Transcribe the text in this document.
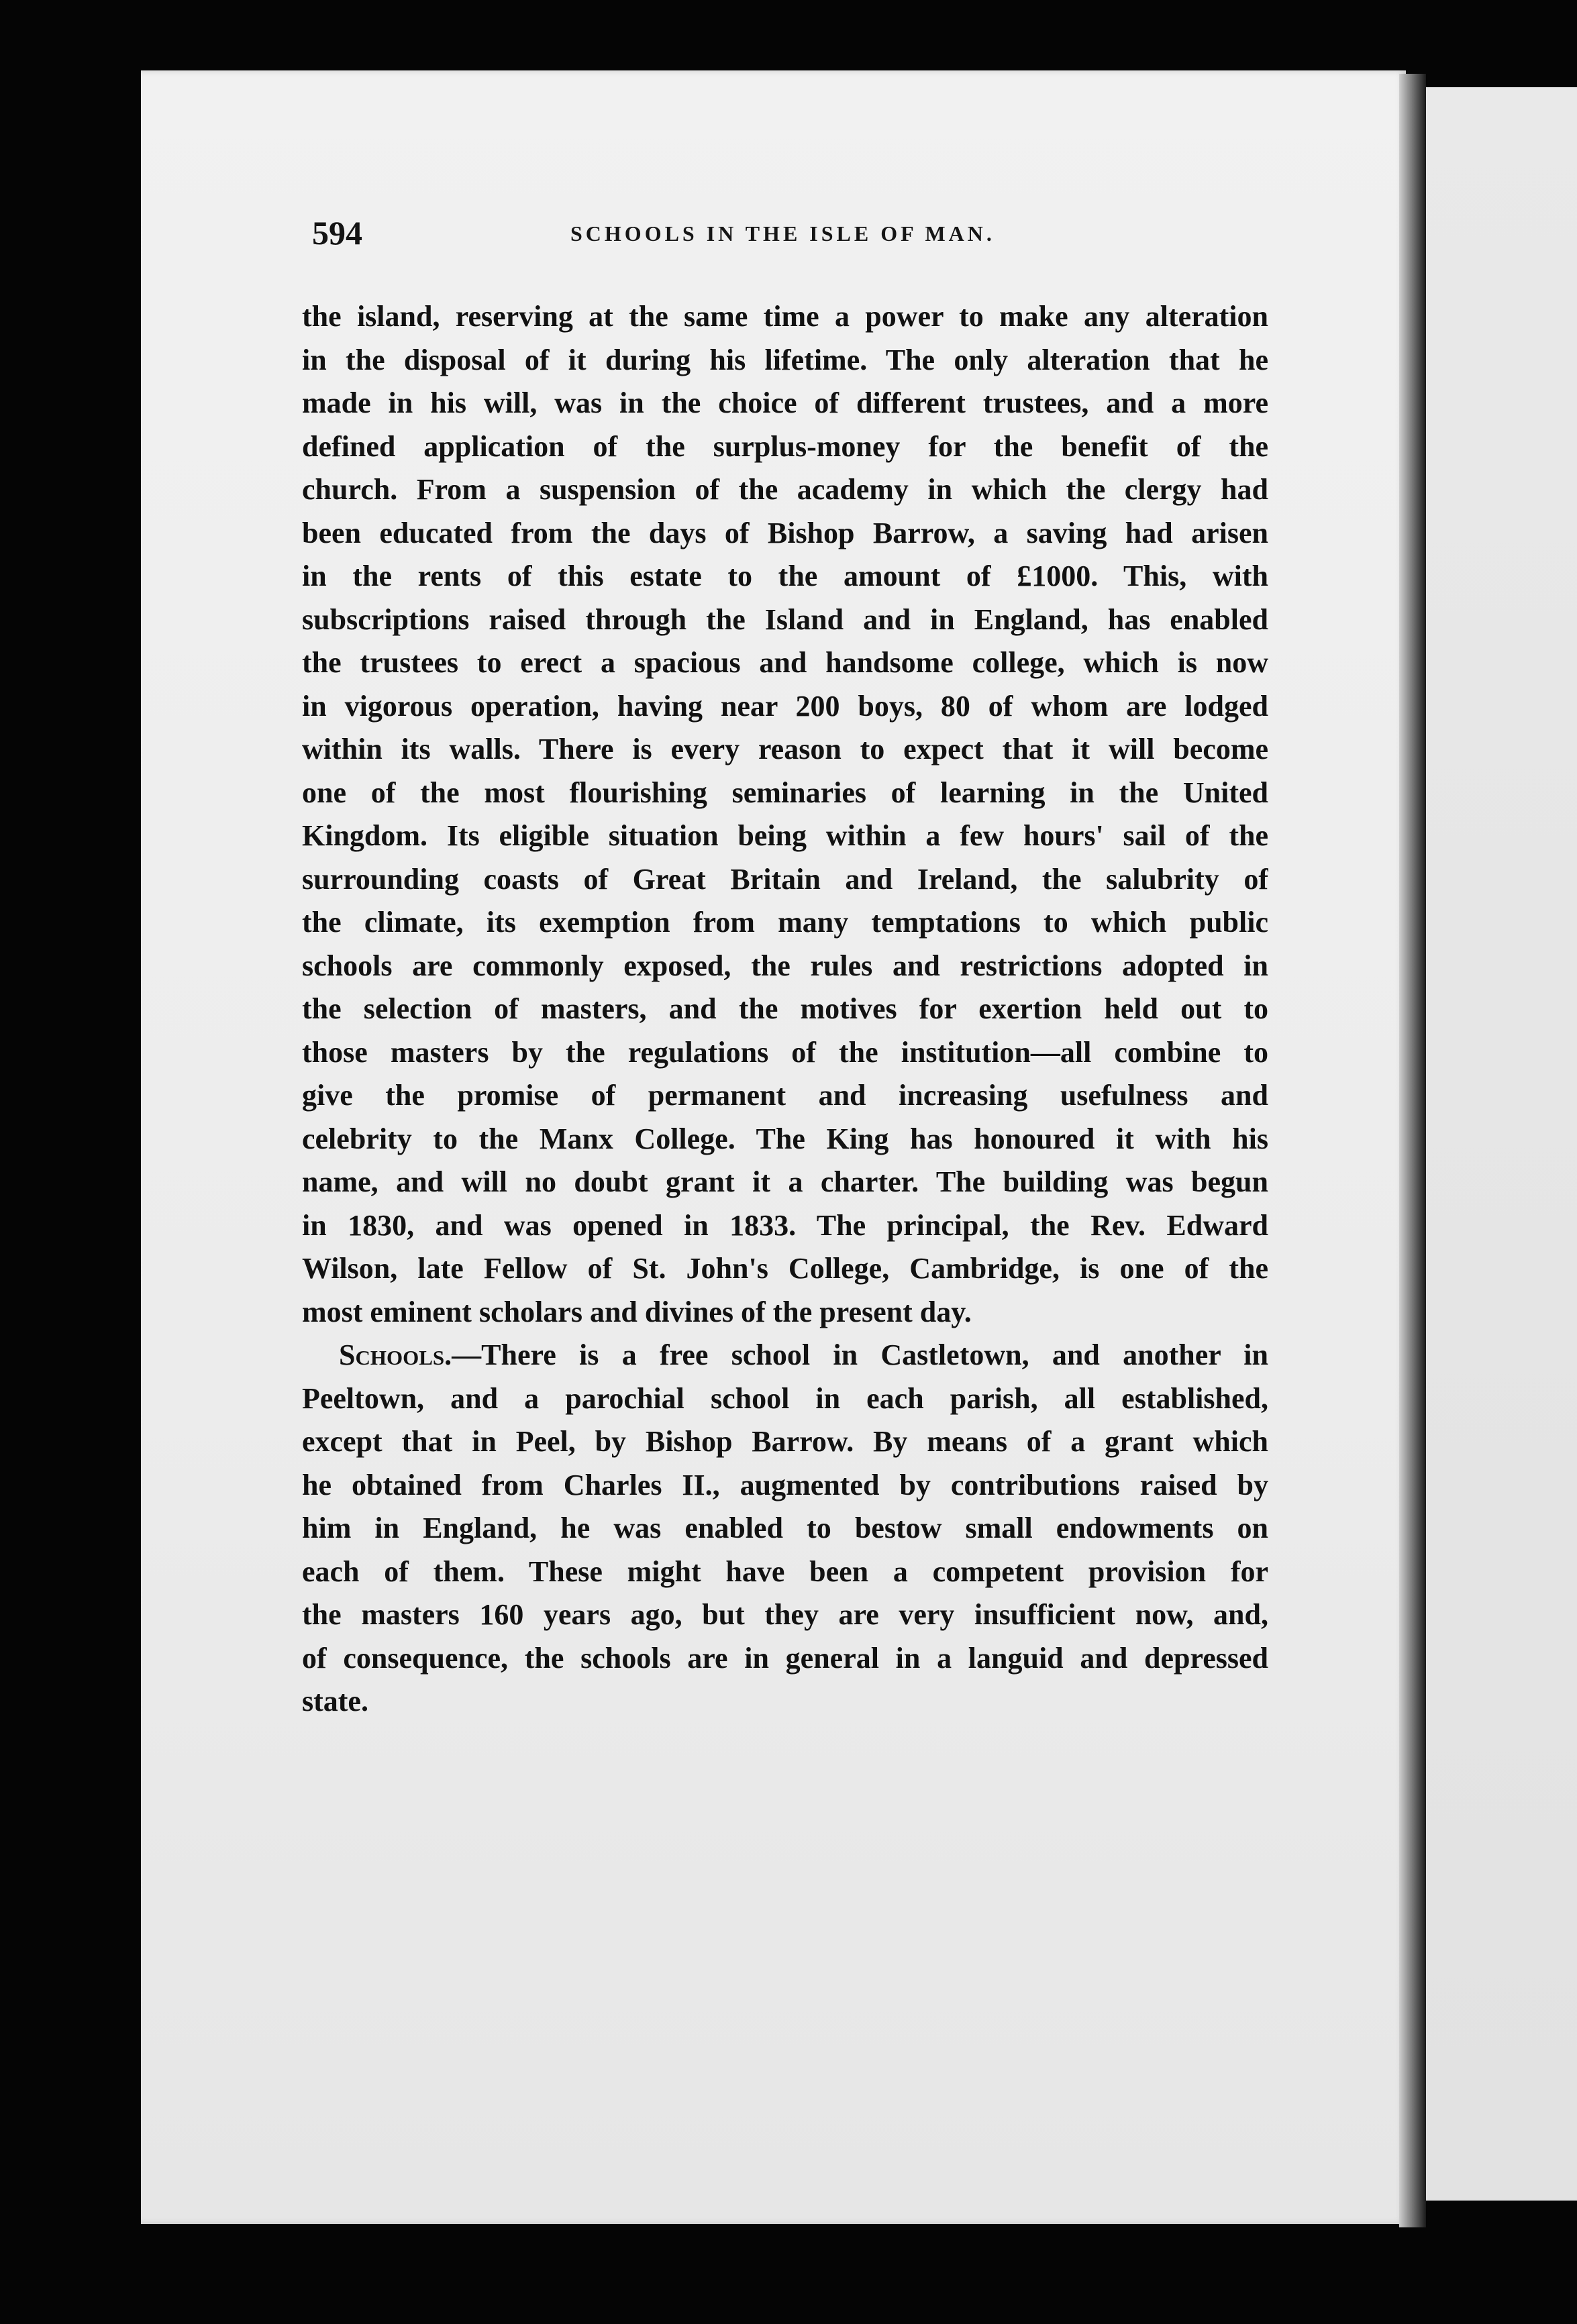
594	SCHOOLS IN THE ISLE OF MAN.
the island, reserving at the same time a power to make any alteration
in the disposal of it during his lifetime. The only alteration that he
made in his will, was in the choice of different trustees, and a more
defined application of the surplus-money for the benefit of the
church. From a suspension of the academy in which the clergy had
been educated from the days of Bishop Barrow, a saving had arisen
in the rents of this estate to the amount of £1000. This, with
subscriptions raised through the Island and in England, has enabled
the trustees to erect a spacious and handsome college, which is now
in vigorous operation, having near 200 boys, 80 of whom are lodged
within its walls. There is every reason to expect that it will become
one of the most flourishing seminaries of learning in the United
Kingdom. Its eligible situation being within a few hours' sail of the
surrounding coasts of Great Britain and Ireland, the salubrity of
the climate, its exemption from many temptations to which public
schools are commonly exposed, the rules and restrictions adopted in
the selection of masters, and the motives for exertion held out to
those masters by the regulations of the institution—all combine to
give the promise of permanent and increasing usefulness and
celebrity to the Manx College. The King has honoured it with his
name, and will no doubt grant it a charter. The building was begun
in 1830, and was opened in 1833. The principal, the Rev. Edward
Wilson, late Fellow of St. John's College, Cambridge, is one of the
most eminent scholars and divines of the present day.
Schools.—There is a free school in Castletown, and another in
Peeltown, and a parochial school in each parish, all established,
except that in Peel, by Bishop Barrow. By means of a grant which
he obtained from Charles II., augmented by contributions raised by
him in England, he was enabled to bestow small endowments on
each of them. These might have been a competent provision for
the masters 160 years ago, but they are very insufficient now, and,
of consequence, the schools are in general in a languid and depressed
state.
